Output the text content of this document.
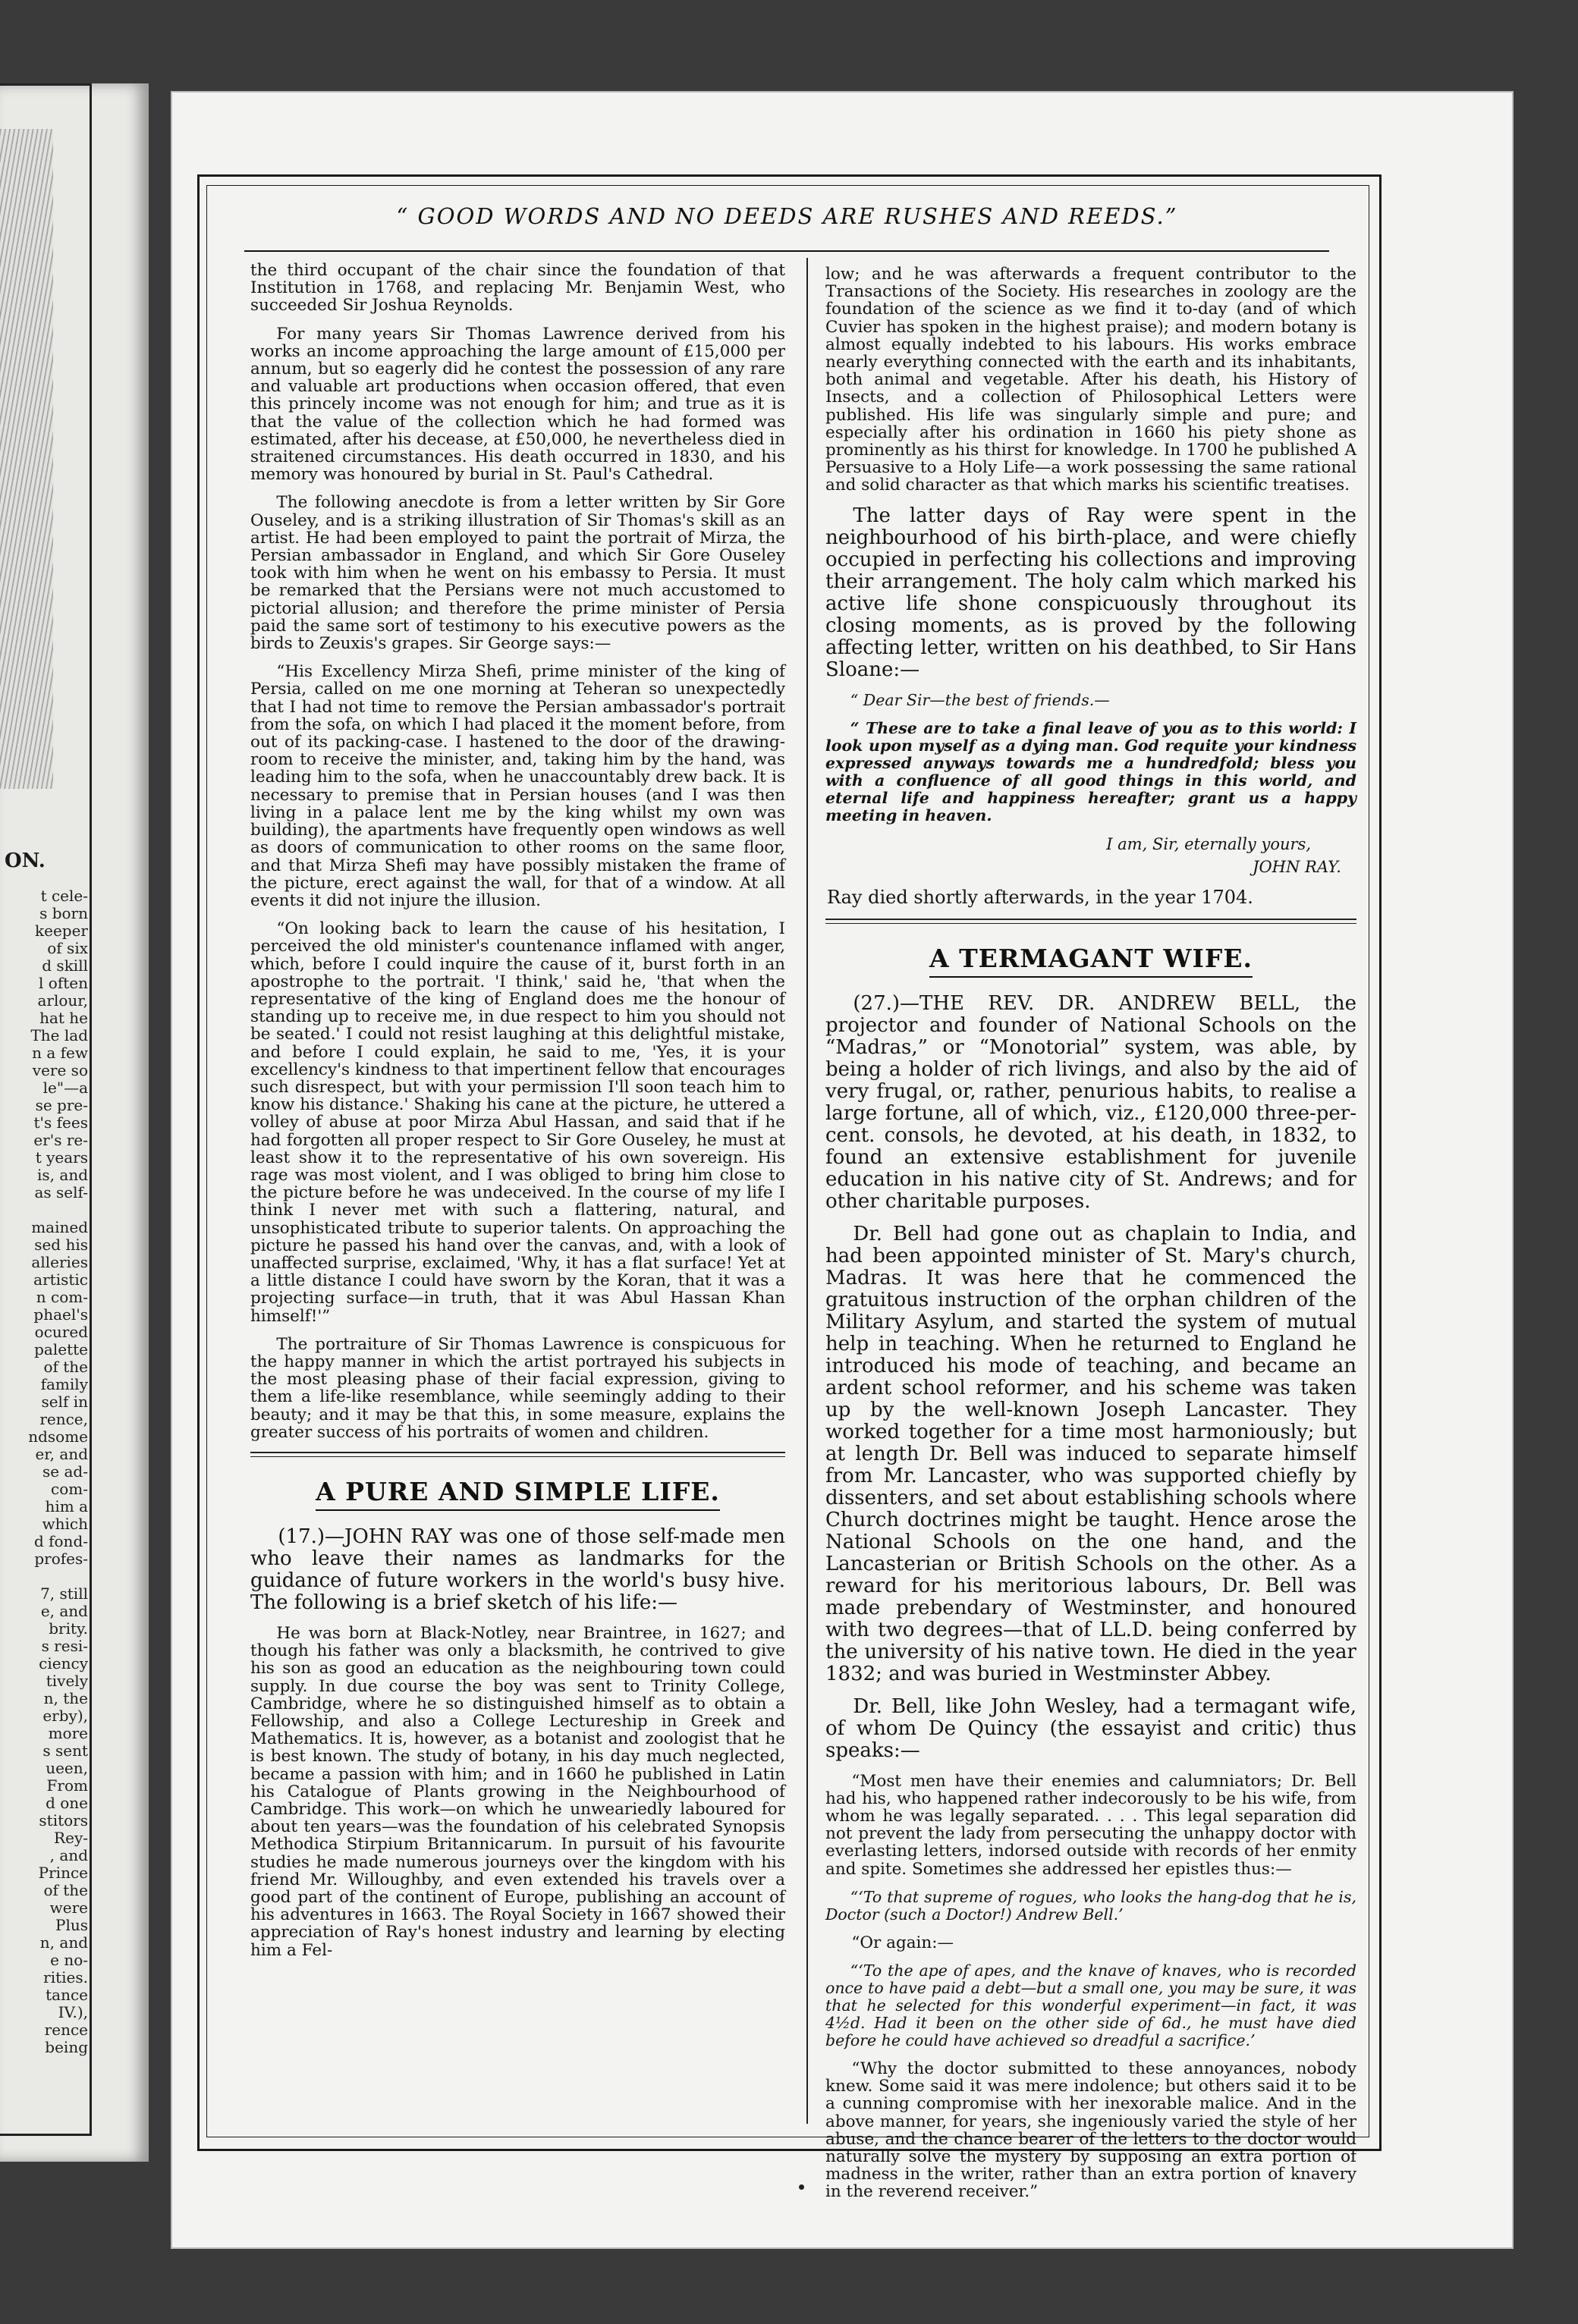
ON.
t cele-
s born
keeper
of six
d skill
l often
arlour,
hat he
The lad
n a few
vere so
le"—a
se pre-
t's fees
er's re-
t years
is, and
as self-

mained
sed his
alleries
artistic
n com-
phael's
ocured
palette
of the
family
self in
rence,
ndsome
er, and
se ad-
com-
him a
which
d fond-
profes-

7, still
e, and
brity.
s resi-
ciency
tively
n, the
erby),
more
s sent
ueen,
From
d one
stitors
Rey-
, and
Prince
of the
were
Plus
n, and
e no-
rities.
tance
IV.),
rence
being
“ GOOD WORDS AND NO DEEDS ARE RUSHES AND REEDS.”

the third occupant of the chair since the foundation of that Institution in 1768, and replacing Mr. Benjamin West, who succeeded Sir Joshua Reynolds.

For many years Sir Thomas Lawrence derived from his works an income approaching the large amount of £15,000 per annum, but so eagerly did he contest the possession of any rare and valuable art productions when occasion offered, that even this princely income was not enough for him; and true as it is that the value of the collection which he had formed was estimated, after his decease, at £50,000, he nevertheless died in straitened circumstances. His death occurred in 1830, and his memory was honoured by burial in St. Paul's Cathedral.

The following anecdote is from a letter written by Sir Gore Ouseley, and is a striking illustration of Sir Thomas's skill as an artist. He had been employed to paint the portrait of Mirza, the Persian ambassador in England, and which Sir Gore Ouseley took with him when he went on his embassy to Persia. It must be remarked that the Persians were not much accustomed to pictorial allusion; and therefore the prime minister of Persia paid the same sort of testimony to his executive powers as the birds to Zeuxis's grapes. Sir George says:—

“His Excellency Mirza Shefi, prime minister of the king of Persia, called on me one morning at Teheran so unexpectedly that I had not time to remove the Persian ambassador's portrait from the sofa, on which I had placed it the moment before, from out of its packing-case. I hastened to the door of the drawing-room to receive the minister, and, taking him by the hand, was leading him to the sofa, when he unaccountably drew back. It is necessary to premise that in Persian houses (and I was then living in a palace lent me by the king whilst my own was building), the apartments have frequently open windows as well as doors of communication to other rooms on the same floor, and that Mirza Shefi may have possibly mistaken the frame of the picture, erect against the wall, for that of a window. At all events it did not injure the illusion.

“On looking back to learn the cause of his hesitation, I perceived the old minister's countenance inflamed with anger, which, before I could inquire the cause of it, burst forth in an apostrophe to the portrait. 'I think,' said he, 'that when the representative of the king of England does me the honour of standing up to receive me, in due respect to him you should not be seated.' I could not resist laughing at this delightful mistake, and before I could explain, he said to me, 'Yes, it is your excellency's kindness to that impertinent fellow that encourages such disrespect, but with your permission I'll soon teach him to know his distance.' Shaking his cane at the picture, he uttered a volley of abuse at poor Mirza Abul Hassan, and said that if he had forgotten all proper respect to Sir Gore Ouseley, he must at least show it to the representative of his own sovereign. His rage was most violent, and I was obliged to bring him close to the picture before he was undeceived. In the course of my life I think I never met with such a flattering, natural, and unsophisticated tribute to superior talents. On approaching the picture he passed his hand over the canvas, and, with a look of unaffected surprise, exclaimed, 'Why, it has a flat surface! Yet at a little distance I could have sworn by the Koran, that it was a projecting surface—in truth, that it was Abul Hassan Khan himself!'”

The portraiture of Sir Thomas Lawrence is conspicuous for the happy manner in which the artist portrayed his subjects in the most pleasing phase of their facial expression, giving to them a life-like resemblance, while seemingly adding to their beauty; and it may be that this, in some measure, explains the greater success of his portraits of women and children.

A PURE AND SIMPLE LIFE.

(17.)—JOHN RAY was one of those self-made men who leave their names as landmarks for the guidance of future workers in the world's busy hive. The following is a brief sketch of his life:—

He was born at Black-Notley, near Braintree, in 1627; and though his father was only a blacksmith, he contrived to give his son as good an education as the neighbouring town could supply. In due course the boy was sent to Trinity College, Cambridge, where he so distinguished himself as to obtain a Fellowship, and also a College Lectureship in Greek and Mathematics. It is, however, as a botanist and zoologist that he is best known. The study of botany, in his day much neglected, became a passion with him; and in 1660 he published in Latin his Catalogue of Plants growing in the Neighbourhood of Cambridge. This work—on which he unweariedly laboured for about ten years—was the foundation of his celebrated Synopsis Methodica Stirpium Britannicarum. In pursuit of his favourite studies he made numerous journeys over the kingdom with his friend Mr. Willoughby, and even extended his travels over a good part of the continent of Europe, publishing an account of his adventures in 1663. The Royal Society in 1667 showed their appreciation of Ray's honest industry and learning by electing him a Fel-

low; and he was afterwards a frequent contributor to the Transactions of the Society. His researches in zoology are the foundation of the science as we find it to-day (and of which Cuvier has spoken in the highest praise); and modern botany is almost equally indebted to his labours. His works embrace nearly everything connected with the earth and its inhabitants, both animal and vegetable. After his death, his History of Insects, and a collection of Philosophical Letters were published. His life was singularly simple and pure; and especially after his ordination in 1660 his piety shone as prominently as his thirst for knowledge. In 1700 he published A Persuasive to a Holy Life—a work possessing the same rational and solid character as that which marks his scientific treatises.

The latter days of Ray were spent in the neighbourhood of his birth-place, and were chiefly occupied in perfecting his collections and improving their arrangement. The holy calm which marked his active life shone conspicuously throughout its closing moments, as is proved by the following affecting letter, written on his deathbed, to Sir Hans Sloane:—

“ Dear Sir—the best of friends.—

“ These are to take a final leave of you as to this world: I look upon myself as a dying man. God requite your kindness expressed anyways towards me a hundredfold; bless you with a confluence of all good things in this world, and eternal life and happiness hereafter; grant us a happy meeting in heaven.

I am, Sir, eternally yours,

JOHN RAY.

Ray died shortly afterwards, in the year 1704.

A TERMAGANT WIFE.

(27.)—THE REV. DR. ANDREW BELL, the projector and founder of National Schools on the “Madras,” or “Monotorial” system, was able, by being a holder of rich livings, and also by the aid of very frugal, or, rather, penurious habits, to realise a large fortune, all of which, viz., £120,000 three-per-cent. consols, he devoted, at his death, in 1832, to found an extensive establishment for juvenile education in his native city of St. Andrews; and for other charitable purposes.

Dr. Bell had gone out as chaplain to India, and had been appointed minister of St. Mary's church, Madras. It was here that he commenced the gratuitous instruction of the orphan children of the Military Asylum, and started the system of mutual help in teaching. When he returned to England he introduced his mode of teaching, and became an ardent school reformer, and his scheme was taken up by the well-known Joseph Lancaster. They worked together for a time most harmoniously; but at length Dr. Bell was induced to separate himself from Mr. Lancaster, who was supported chiefly by dissenters, and set about establishing schools where Church doctrines might be taught. Hence arose the National Schools on the one hand, and the Lancasterian or British Schools on the other. As a reward for his meritorious labours, Dr. Bell was made prebendary of Westminster, and honoured with two degrees—that of LL.D. being conferred by the university of his native town. He died in the year 1832; and was buried in Westminster Abbey.

Dr. Bell, like John Wesley, had a termagant wife, of whom De Quincy (the essayist and critic) thus speaks:—

“Most men have their enemies and calumniators; Dr. Bell had his, who happened rather indecorously to be his wife, from whom he was legally separated. . . . This legal separation did not prevent the lady from persecuting the unhappy doctor with everlasting letters, indorsed outside with records of her enmity and spite. Sometimes she addressed her epistles thus:—

“‘To that supreme of rogues, who looks the hang-dog that he is, Doctor (such a Doctor!) Andrew Bell.’

“Or again:—

“‘To the ape of apes, and the knave of knaves, who is recorded once to have paid a debt—but a small one, you may be sure, it was that he selected for this wonderful experiment—in fact, it was 4½d. Had it been on the other side of 6d., he must have died before he could have achieved so dreadful a sacrifice.’

“Why the doctor submitted to these annoyances, nobody knew. Some said it was mere indolence; but others said it to be a cunning compromise with her inexorable malice. And in the above manner, for years, she ingeniously varied the style of her abuse, and the chance bearer of the letters to the doctor would naturally solve the mystery by supposing an extra portion of madness in the writer, rather than an extra portion of knavery in the reverend receiver.”
